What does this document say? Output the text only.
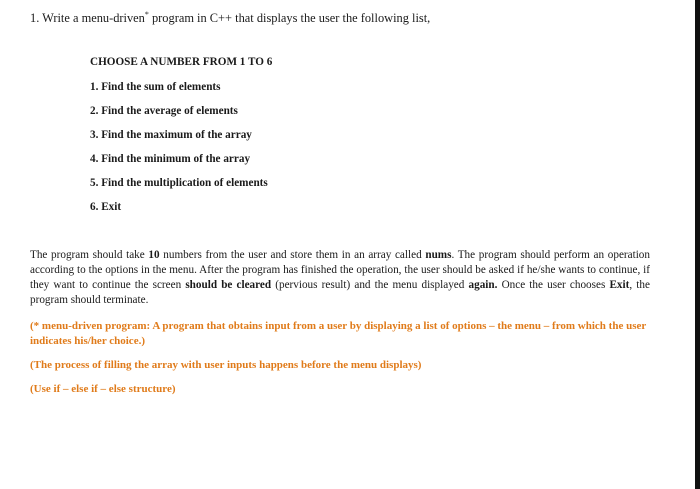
1. Write a menu-driven* program in C++ that displays the user the following list,
CHOOSE A NUMBER FROM 1 TO 6
1. Find the sum of elements
2. Find the average of elements
3. Find the maximum of the array
4. Find the minimum of the array
5. Find the multiplication of elements
6. Exit
The program should take 10 numbers from the user and store them in an array called nums. The program should perform an operation according to the options in the menu. After the program has finished the operation, the user should be asked if he/she wants to continue, if they want to continue the screen should be cleared (pervious result) and the menu displayed again. Once the user chooses Exit, the program should terminate.
(* menu-driven program: A program that obtains input from a user by displaying a list of options – the menu – from which the user indicates his/her choice.)
(The process of filling the array with user inputs happens before the menu displays)
(Use if – else if – else structure)
